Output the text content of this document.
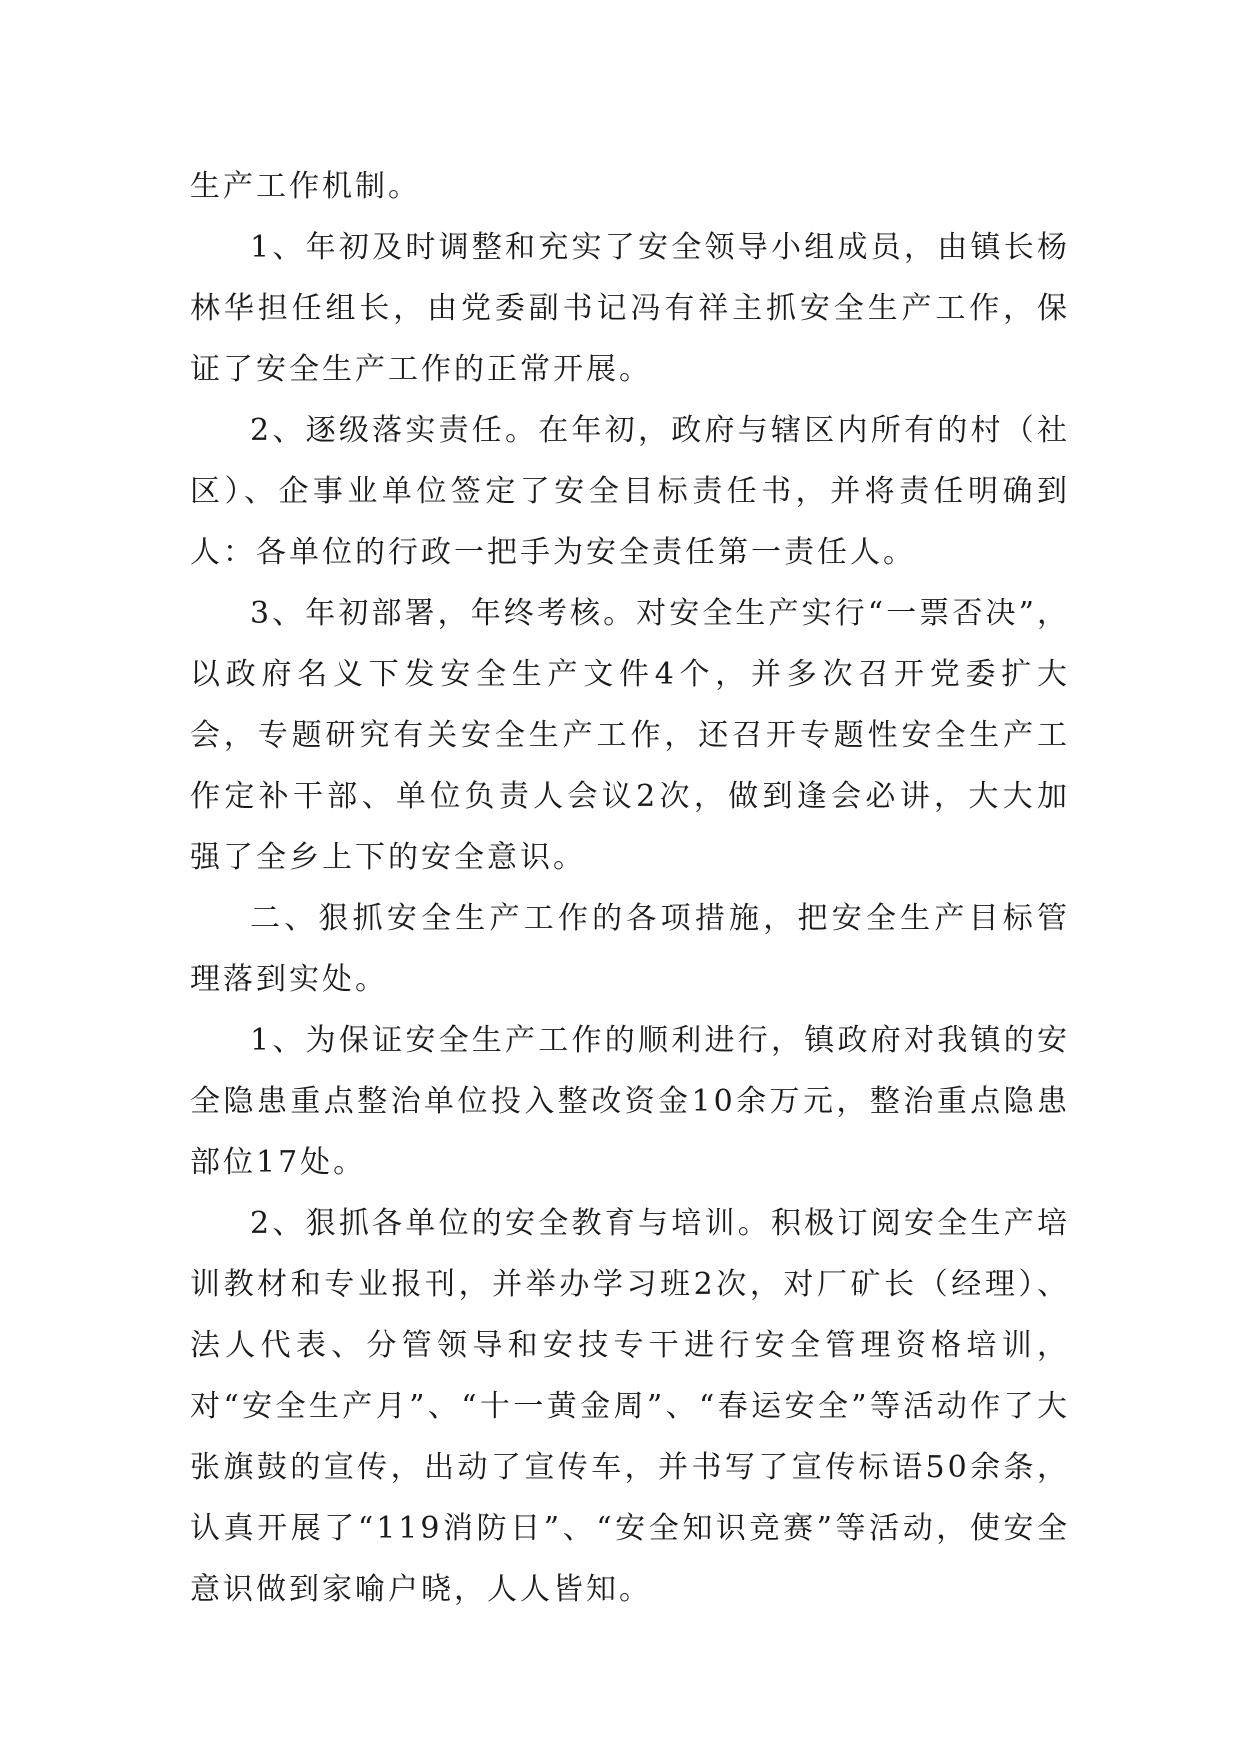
生产工作机制。

1、年初及时调整和充实了安全领导小组成员，由镇长杨林华担任组长，由党委副书记冯有祥主抓安全生产工作，保证了安全生产工作的正常开展。

2、逐级落实责任。在年初，政府与辖区内所有的村（社区）、企事业单位签定了安全目标责任书，并将责任明确到人：各单位的行政一把手为安全责任第一责任人。

3、年初部署，年终考核。对安全生产实行“一票否决”，以政府名义下发安全生产文件4个，并多次召开党委扩大会，专题研究有关安全生产工作，还召开专题性安全生产工作定补干部、单位负责人会议2次，做到逢会必讲，大大加强了全乡上下的安全意识。

二、狠抓安全生产工作的各项措施，把安全生产目标管理落到实处。

1、为保证安全生产工作的顺利进行，镇政府对我镇的安全隐患重点整治单位投入整改资金10余万元，整治重点隐患部位17处。

2、狠抓各单位的安全教育与培训。积极订阅安全生产培训教材和专业报刊，并举办学习班2次，对厂矿长（经理）、法人代表、分管领导和安技专干进行安全管理资格培训，对“安全生产月”、“十一黄金周”、“春运安全”等活动作了大张旗鼓的宣传，出动了宣传车，并书写了宣传标语50余条，认真开展了“119消防日”、“安全知识竞赛”等活动，使安全意识做到家喻户晓，人人皆知。
